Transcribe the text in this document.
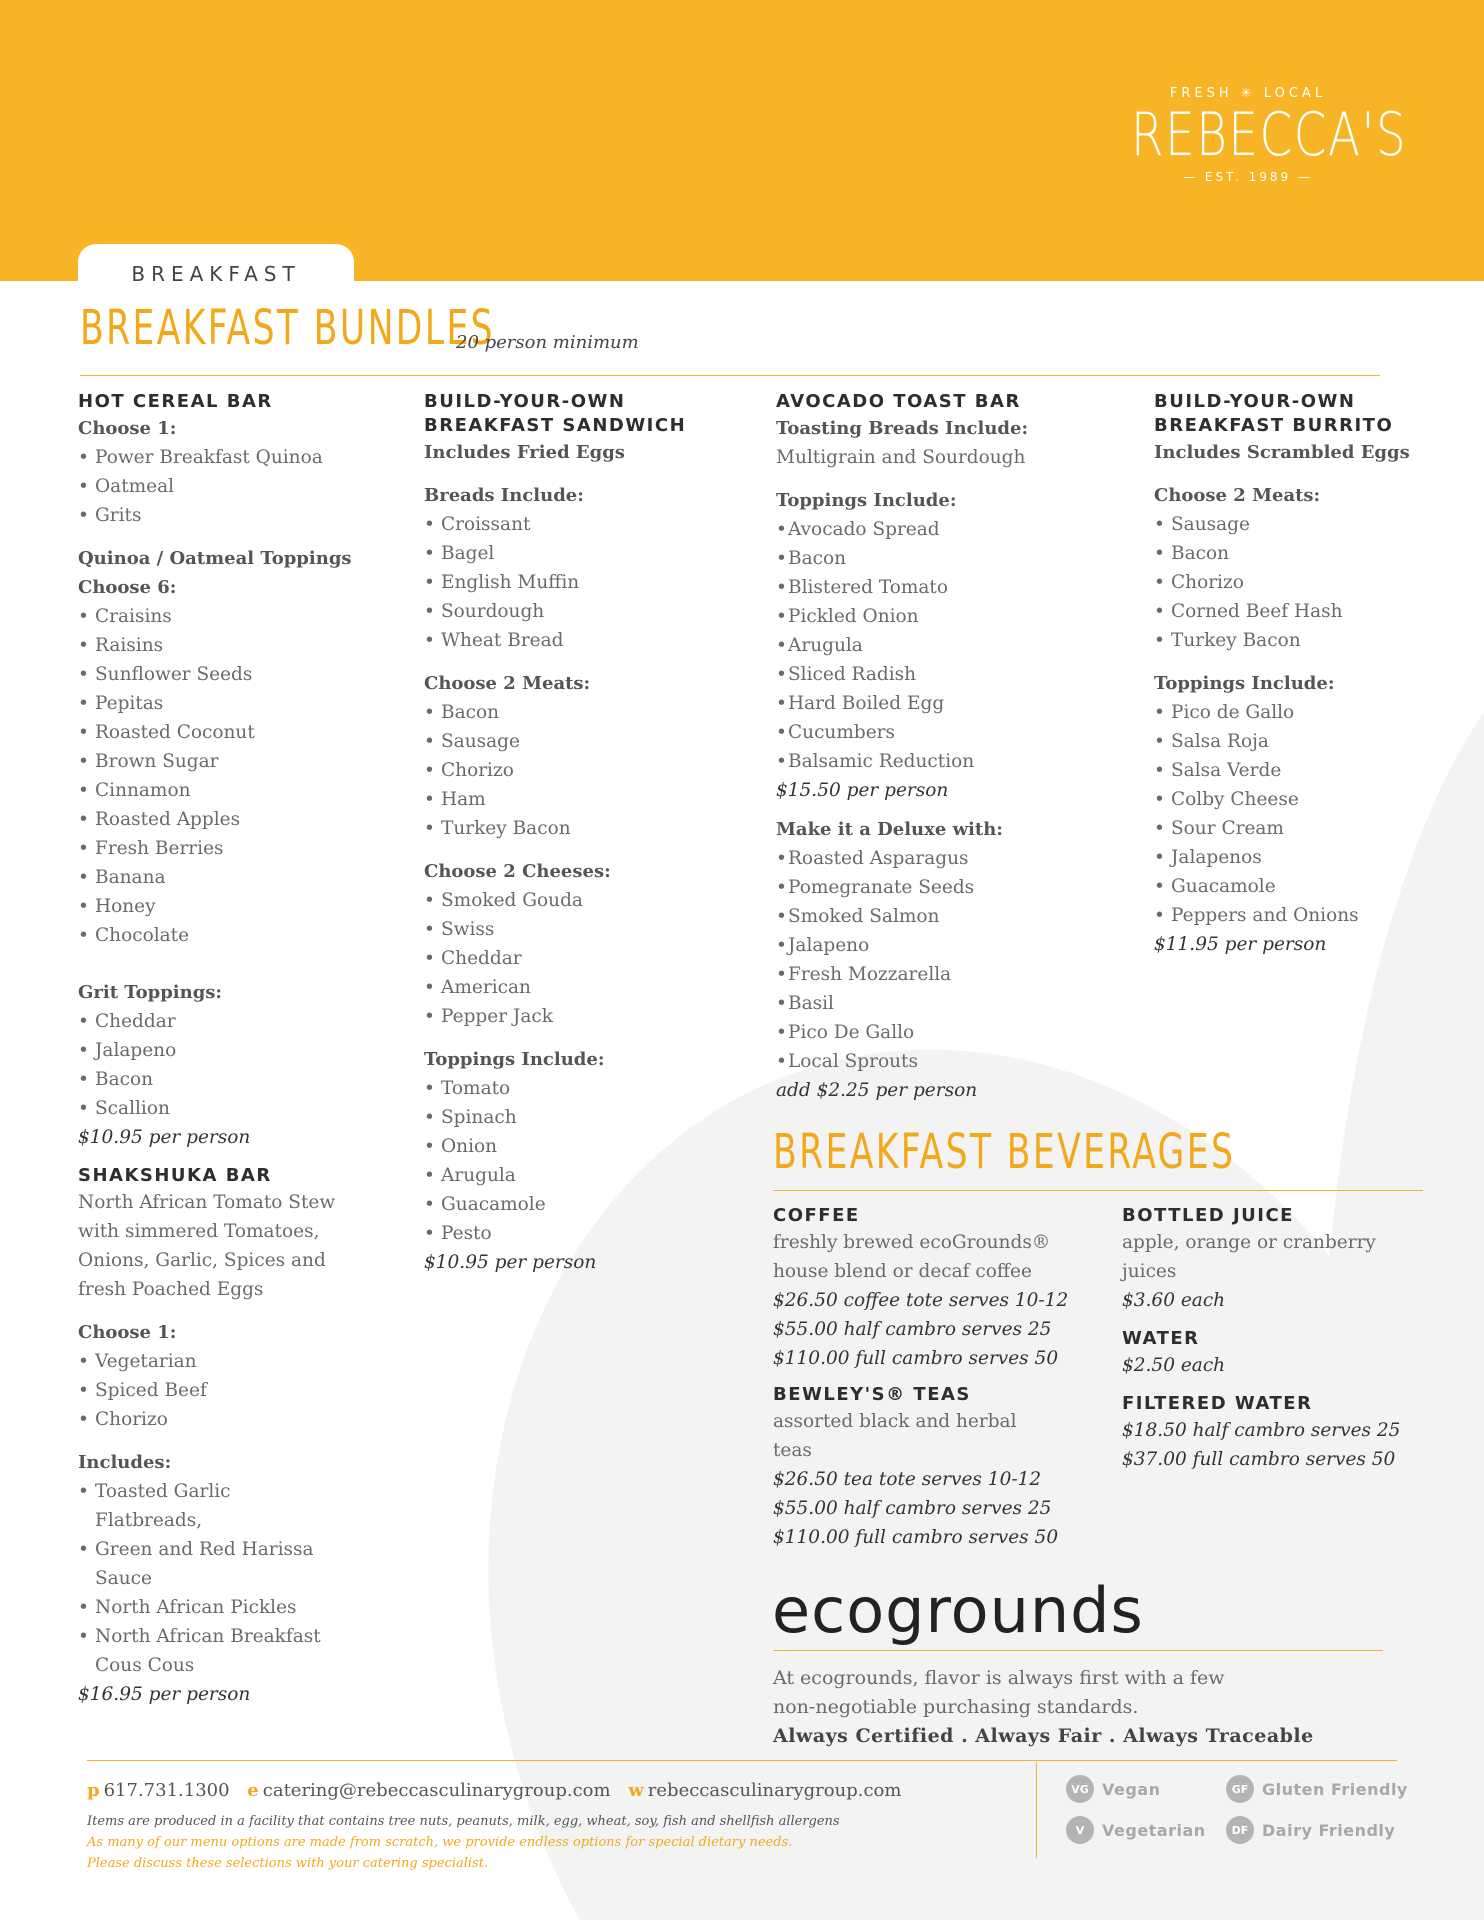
FRESH ✳ LOCAL
REBECCA'S
— EST. 1989 —
BREAKFAST
BREAKFAST BUNDLES
20 person minimum
HOT CEREAL BAR
Choose 1:
• Power Breakfast Quinoa
• Oatmeal
• Grits
Quinoa / Oatmeal Toppings
Choose 6:
• Craisins
• Raisins
• Sunflower Seeds
• Pepitas
• Roasted Coconut
• Brown Sugar
• Cinnamon
• Roasted Apples
• Fresh Berries
• Banana
• Honey
• Chocolate
Grit Toppings:
• Cheddar
• Jalapeno
• Bacon
• Scallion
$10.95 per person
SHAKSHUKA BAR
North African Tomato Stew
with simmered Tomatoes,
Onions, Garlic, Spices and
fresh Poached Eggs
Choose 1:
• Vegetarian
• Spiced Beef
• Chorizo
Includes:
• Toasted Garlic Flatbreads,
• Green and Red Harissa Sauce
• North African Pickles
• North African Breakfast Cous Cous
$16.95 per person
BUILD-YOUR-OWN
BREAKFAST SANDWICH
Includes Fried Eggs
Breads Include:
• Croissant
• Bagel
• English Muffin
• Sourdough
• Wheat Bread
Choose 2 Meats:
• Bacon
• Sausage
• Chorizo
• Ham
• Turkey Bacon
Choose 2 Cheeses:
• Smoked Gouda
• Swiss
• Cheddar
• American
• Pepper Jack
Toppings Include:
• Tomato
• Spinach
• Onion
• Arugula
• Guacamole
• Pesto
$10.95 per person
AVOCADO TOAST BAR
Toasting Breads Include:
Multigrain and Sourdough
Toppings Include:
• Avocado Spread
• Bacon
• Blistered Tomato
• Pickled Onion
• Arugula
• Sliced Radish
• Hard Boiled Egg
• Cucumbers
• Balsamic Reduction
$15.50 per person
Make it a Deluxe with:
• Roasted Asparagus
• Pomegranate Seeds
• Smoked Salmon
• Jalapeno
• Fresh Mozzarella
• Basil
• Pico De Gallo
• Local Sprouts
add $2.25 per person
BUILD-YOUR-OWN
BREAKFAST BURRITO
Includes Scrambled Eggs
Choose 2 Meats:
• Sausage
• Bacon
• Chorizo
• Corned Beef Hash
• Turkey Bacon
Toppings Include:
• Pico de Gallo
• Salsa Roja
• Salsa Verde
• Colby Cheese
• Sour Cream
• Jalapenos
• Guacamole
• Peppers and Onions
$11.95 per person
BREAKFAST BEVERAGES
COFFEE
freshly brewed ecoGrounds®
house blend or decaf coffee
$26.50 coffee tote serves 10-12
$55.00 half cambro serves 25
$110.00 full cambro serves 50
BEWLEY'S® TEAS
assorted black and herbal
teas
$26.50 tea tote serves 10-12
$55.00 half cambro serves 25
$110.00 full cambro serves 50
BOTTLED JUICE
apple, orange or cranberry
juices
$3.60 each
WATER
$2.50 each
FILTERED WATER
$18.50 half cambro serves 25
$37.00 full cambro serves 50
ecogrounds
At ecogrounds, flavor is always first with a few
non-negotiable purchasing standards.
Always Certified . Always Fair . Always Traceable
p 617.731.1300 e catering@rebeccasculinarygroup.com w rebeccasculinarygroup.com
Items are produced in a facility that contains tree nuts, peanuts, milk, egg, wheat, soy, fish and shellfish allergens
As many of our menu options are made from scratch, we provide endless options for special dietary needs.
Please discuss these selections with your catering specialist.
VG Vegan	GF Gluten Friendly
V	Vegetarian	DF Dairy Friendly
